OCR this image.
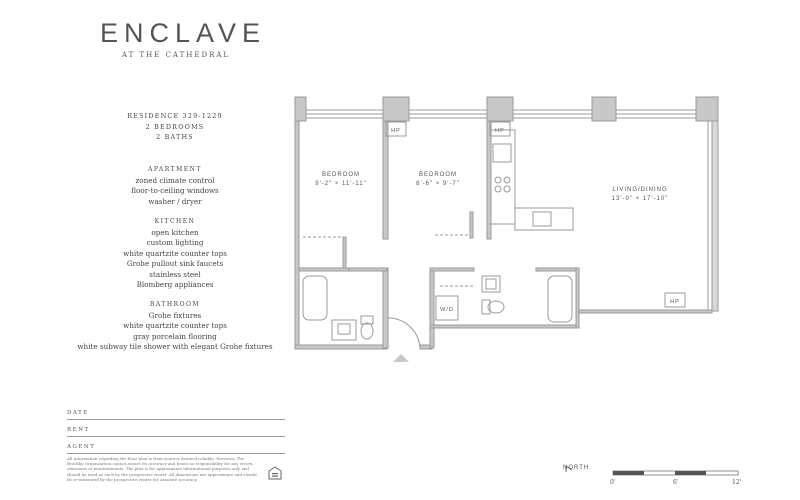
ENCLAVE
AT THE CATHEDRAL
RESIDENCE 329-1229
2 BEDROOMS
2 BATHS
APARTMENT
zoned climate control
floor-to-ceiling windows
washer / dryer
KITCHEN
open kitchen
custom lighting
white quartzite counter tops
Grohe pullout sink faucets
stainless steel
Blomberg appliances
BATHROOM
Grohe fixtures
white quartzite counter tops
gray porcelain flooring
white subway tile shower with elegant Grohe fixtures
DATE
RENT
AGENT
All information regarding the floor plan is from sources deemed reliable. However, The Brodsky Organization cannot assure its accuracy and bears no responsibility for any errors, omissions or misstatements. The plan is for approximate informational purposes only and should be used as such by the prospective renter. All dimensions are approximate and should be re-measured by the prospective renter for absolute accuracy.
HP	HP
HP
W/D
BEDROOM
9'-2" × 11'-11"
BEDROOM
8'-6" × 9'-7"
LIVING/DINING
13'-0" × 17'-10"
NORTH
0'	6'	12'
